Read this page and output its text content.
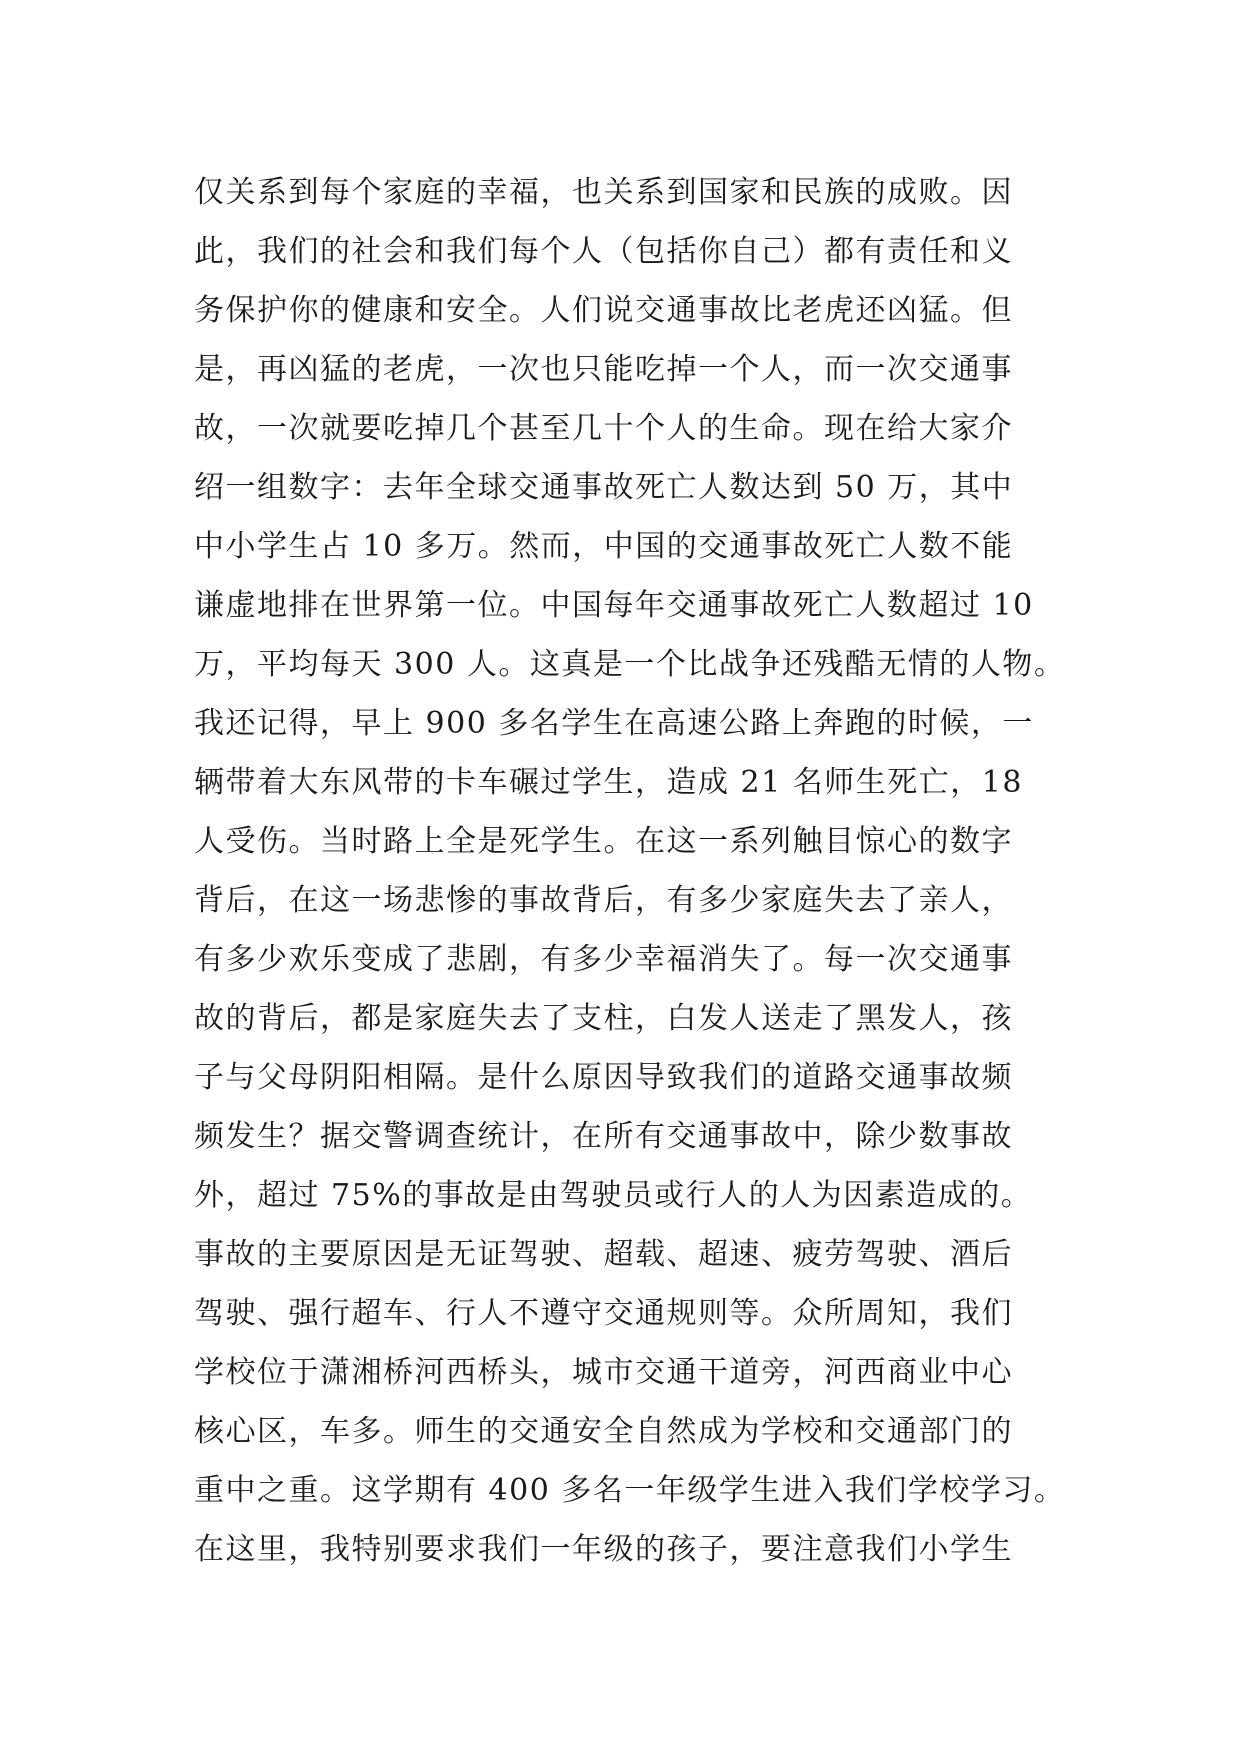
仅关系到每个家庭的幸福，也关系到国家和民族的成败。因
此，我们的社会和我们每个人（包括你自己）都有责任和义
务保护你的健康和安全。人们说交通事故比老虎还凶猛。但
是，再凶猛的老虎，一次也只能吃掉一个人，而一次交通事
故，一次就要吃掉几个甚至几十个人的生命。现在给大家介
绍一组数字：去年全球交通事故死亡人数达到 50 万，其中
中小学生占 10 多万。然而，中国的交通事故死亡人数不能
谦虚地排在世界第一位。中国每年交通事故死亡人数超过 10
万，平均每天 300 人。这真是一个比战争还残酷无情的人物。
我还记得，早上 900 多名学生在高速公路上奔跑的时候，一
辆带着大东风带的卡车碾过学生，造成 21 名师生死亡，18
人受伤。当时路上全是死学生。在这一系列触目惊心的数字
背后，在这一场悲惨的事故背后，有多少家庭失去了亲人，
有多少欢乐变成了悲剧，有多少幸福消失了。每一次交通事
故的背后，都是家庭失去了支柱，白发人送走了黑发人，孩
子与父母阴阳相隔。是什么原因导致我们的道路交通事故频
频发生？据交警调查统计，在所有交通事故中，除少数事故
外，超过 75%的事故是由驾驶员或行人的人为因素造成的。
事故的主要原因是无证驾驶、超载、超速、疲劳驾驶、酒后
驾驶、强行超车、行人不遵守交通规则等。众所周知，我们
学校位于潇湘桥河西桥头，城市交通干道旁，河西商业中心
核心区，车多。师生的交通安全自然成为学校和交通部门的
重中之重。这学期有 400 多名一年级学生进入我们学校学习。
在这里，我特别要求我们一年级的孩子，要注意我们小学生
